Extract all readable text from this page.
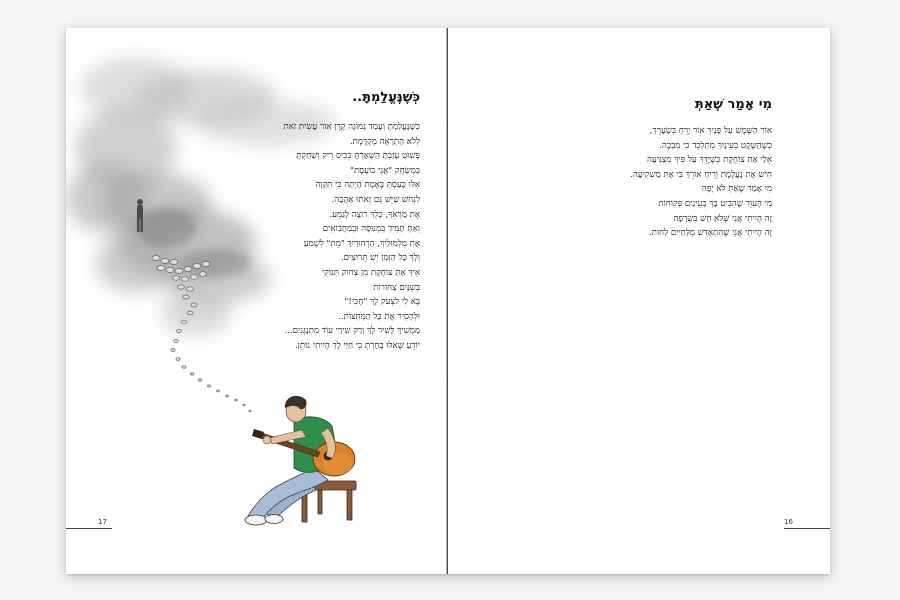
כְּשֶׁנֶּעֱלַמְתָּ..
כְּשֶׁנֶּעֱלַמְתָּ וְעָמַד נְמוּגָה קֶרֶן אוֹר עָשִׂית זֹאת
לְלֹא הַתְרָאָה מֻקְדֶּמֶת.
פָּשׁוּט עָזַבְתָּ הַשְׁאַרְתָּ כְּכִיס רֵיק וְשַׁחַקְתָּ
בְּמִשְׂחָק "אֲנִי כּוֹעֶסֶת"
אִלּוּ כָּעַסְתְּ בֶּאֱמֶת הָיְתָה כִּי תִּקְוָה
לִנְחֹשׁ שֶׁיֵּשׁ גַּם זְאֹתוּ אַהֲבָה.
אֶת מַרְאֵךָ, כְּלֵךְ רוֹצֶה לְגַמֵּע.
וְאַתְּ תָּמִיד בִּמְנוּסָה וּבְמַחֲבוֹאִים
אֶת מִלְמוּלַיִךְ, הַרְהוּרַיִךְ "מֵת" לִשְׁמֹעַ
וְלָךְ כָּל הַזְּמַן יֵשׁ תֵּרוּצִים.
אֵיךְ אַתְּ צוֹחֶקֶת מִן צְחוֹק תִּנוֹקִי
בְּשִׁנַּיִם צְחוֹרוֹת
בָּא לִי לִצְעֹק לָךְ "חַכִּי!"
וּלְהָסִיר אֶת כָּל הַמְּחִצּוֹת..
מַמְשִׁיךְ לָשִׁיר לָךְ וְרַק שִׁירַי עוֹד מִתְנַגְּנִים...
יוֹדֵעַ שֶׁאִלּוּ בָּחַרְתְּ בִּי חַיַּי לָךְ הָיִיתִי נוֹתֵן.
17
מִי אָמַר שֶׁאַתְּ
אוֹר הַשֶּׁמֶשׁ עַל פָּנַיִךְ אוֹר יָרֵחַ בִּשְׂעָרֵךְ,
כְּשֶׁהַשֶּׁקֶט בְּעֵינַיִךְ מִתְלַכֵּד כִּי מְבַכֶּה.
אֵלַי אַתְּ צוֹחֶקֶת כְּשֶׁיָּדֵךְ עַל פִּיךְ מְצַנִּיעָה
חִישׁ אֶת נֶעֱלֶמֶת וְרֵיחַ אוֹרֵךְ בִּי אֶת מַשְׁקִיעָה.
מִי אָמַר שֶׁאַתְּ לֹא יָפָה
מִי הָעִוֵּר שֶׁהִבִּיט בָּךְ בְּעֵינַיִם פְּקוּחוֹת
זֶה הָיִיתִי אֲנִי שֶׁלֹּא חָשׁ בְּשָׂרְפָה
זֶה הָיִיתִי אֲנִי שֶׁהִתְאַדֵּשׁ מִלְּחַיִּים לְחוֹת.
16
